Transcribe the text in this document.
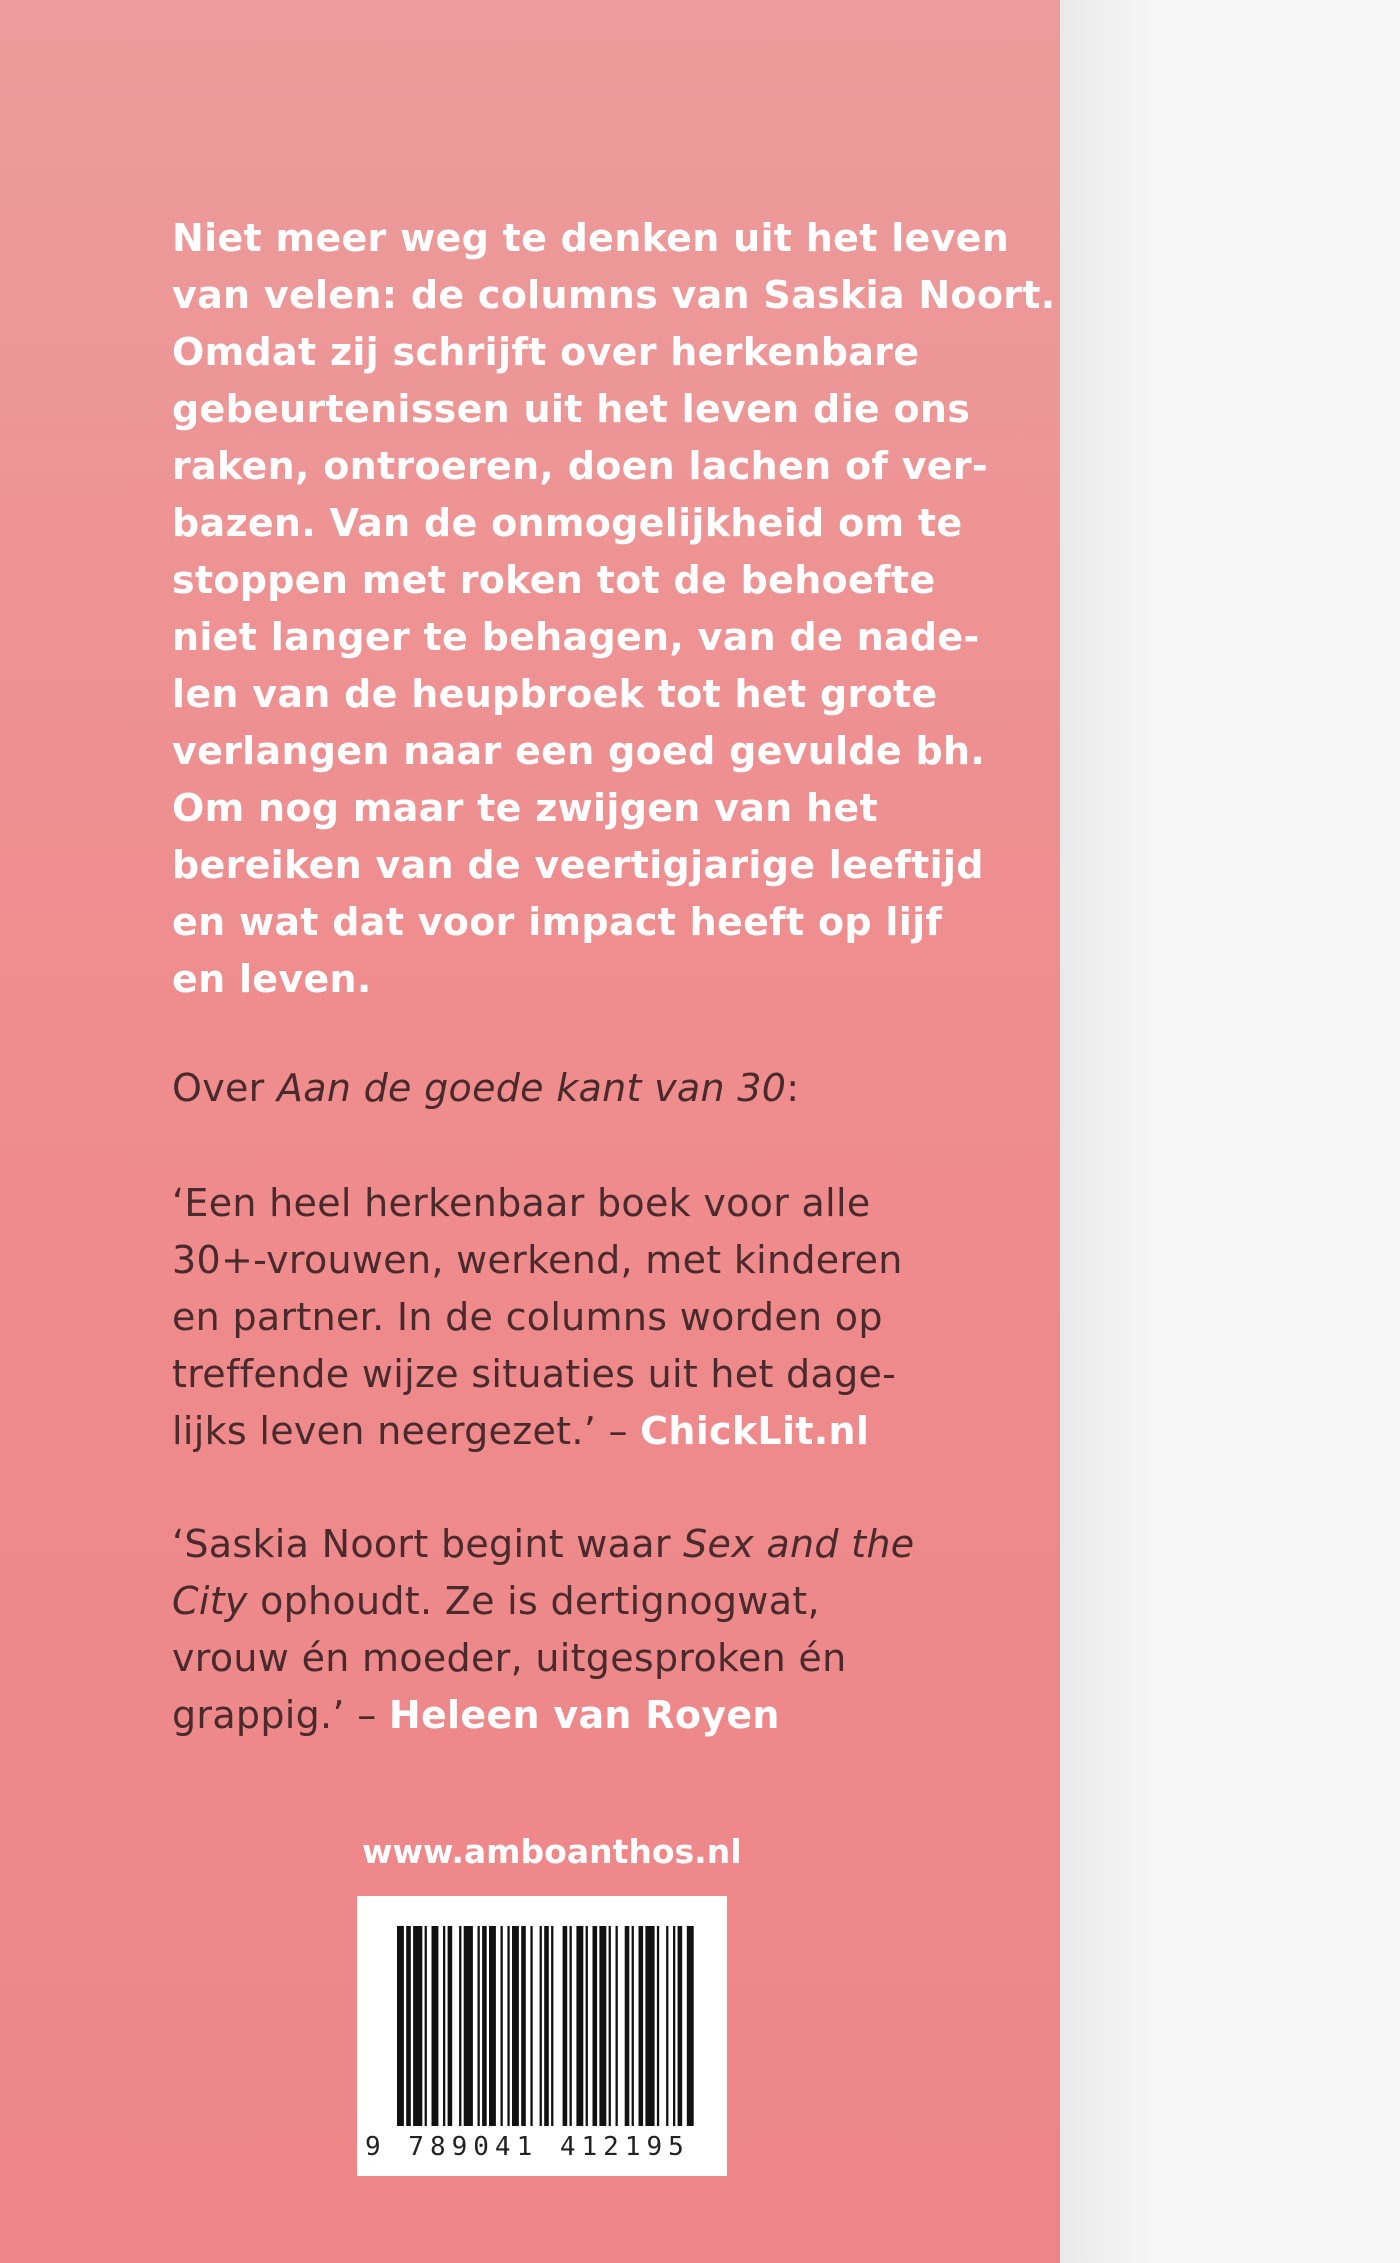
Niet meer weg te denken uit het leven
van velen: de columns van Saskia Noort.
Omdat zij schrijft over herkenbare
gebeurtenissen uit het leven die ons
raken, ontroeren, doen lachen of ver-
bazen. Van de onmogelijkheid om te
stoppen met roken tot de behoefte
niet langer te behagen, van de nade-
len van de heupbroek tot het grote
verlangen naar een goed gevulde bh.
Om nog maar te zwijgen van het
bereiken van de veertigjarige leeftijd
en wat dat voor impact heeft op lijf
en leven.

Over Aan de goede kant van 30:

‘Een heel herkenbaar boek voor alle
30+-vrouwen, werkend, met kinderen
en partner. In de columns worden op
treffende wijze situaties uit het dage-
lijks leven neergezet.’ – ChickLit.nl

‘Saskia Noort begint waar Sex and the
City ophoudt. Ze is dertignogwat,
vrouw én moeder, uitgesproken én
grappig.’ – Heleen van Royen

www.amboanthos.nl
9 789041 412195
